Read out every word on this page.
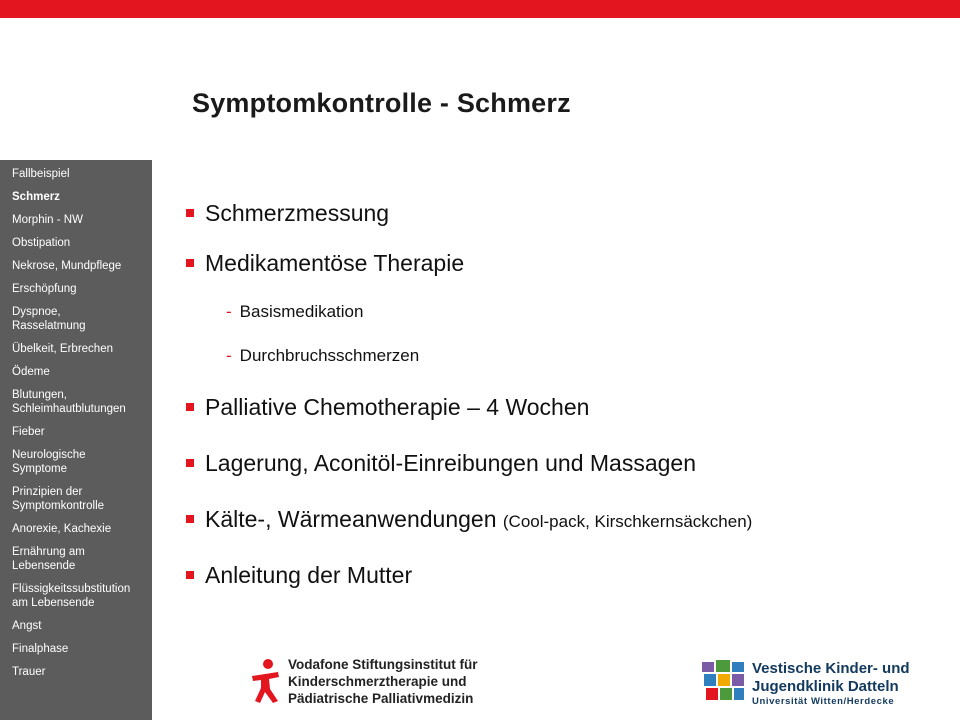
Symptomkontrolle - Schmerz
Fallbeispiel
Schmerz
Morphin - NW
Obstipation
Nekrose, Mundpflege
Erschöpfung
Dyspnoe,
Rasselatmung
Übelkeit, Erbrechen
Ödeme
Blutungen,
Schleimhautblutungen
Fieber
Neurologische
Symptome
Prinzipien der
Symptomkontrolle
Anorexie, Kachexie
Ernährung am
Lebensende
Flüssigkeitssubstitution
am Lebensende
Angst
Finalphase
Trauer
Schmerzmessung
Medikamentöse Therapie
- Basismedikation
- Durchbruchsschmerzen
Palliative Chemotherapie – 4 Wochen
Lagerung, Aconitöl-Einreibungen und Massagen
Kälte-, Wärmeanwendungen (Cool-pack, Kirschkernsäckchen)
Anleitung der Mutter
Vodafone Stiftungsinstitut für
Kinderschmerztherapie und
Pädiatrische Palliativmedizin
Vestische Kinder- und
Jugendklinik Datteln
Universität Witten/Herdecke
